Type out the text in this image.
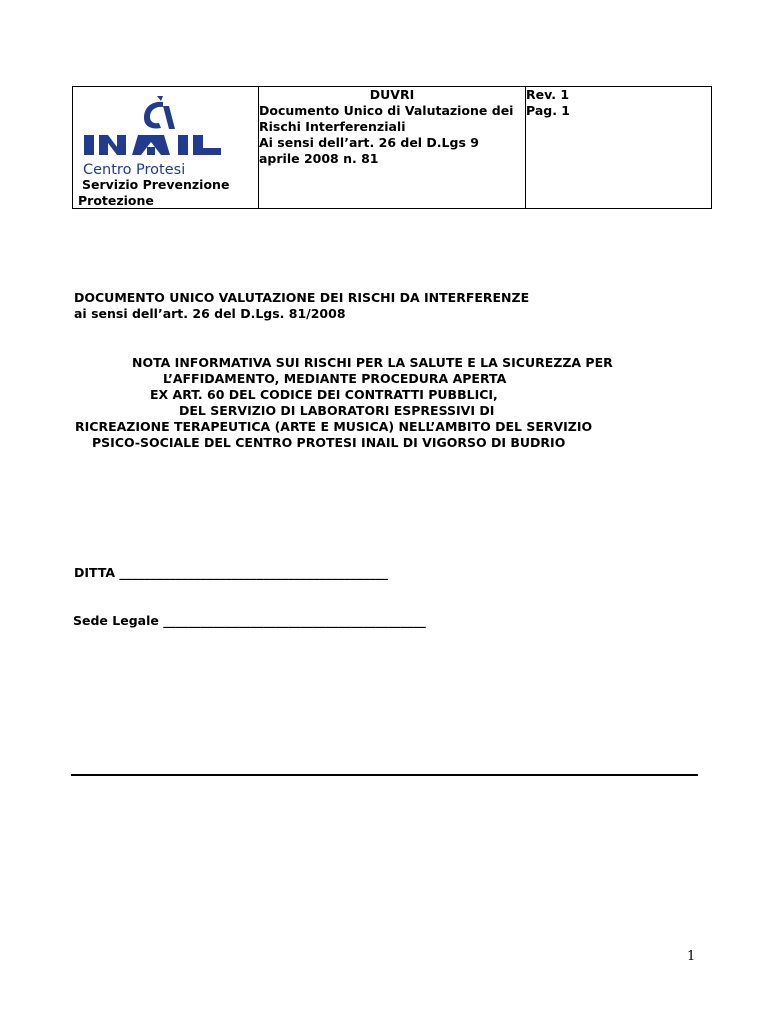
Centro Protesi
Servizio Prevenzione
Protezione

DUVRI
Documento Unico di Valutazione dei
Rischi Interferenziali
Ai sensi dell’art. 26 del D.Lgs 9
aprile 2008 n. 81

Rev. 1
Pag. 1
DOCUMENTO UNICO VALUTAZIONE DEI RISCHI DA INTERFERENZE
ai sensi dell’art. 26 del D.Lgs. 81/2008
NOTA INFORMATIVA SUI RISCHI PER LA SALUTE E LA SICUREZZA PER
L’AFFIDAMENTO, MEDIANTE PROCEDURA APERTA
EX ART. 60 DEL CODICE DEI CONTRATTI PUBBLICI,
DEL SERVIZIO DI LABORATORI ESPRESSIVI DI
RICREAZIONE TERAPEUTICA (ARTE E MUSICA) NELL’AMBITO DEL SERVIZIO
PSICO-SOCIALE DEL CENTRO PROTESI INAIL DI VIGORSO DI BUDRIO
DITTA ___________________________________________
Sede Legale __________________________________________
1
